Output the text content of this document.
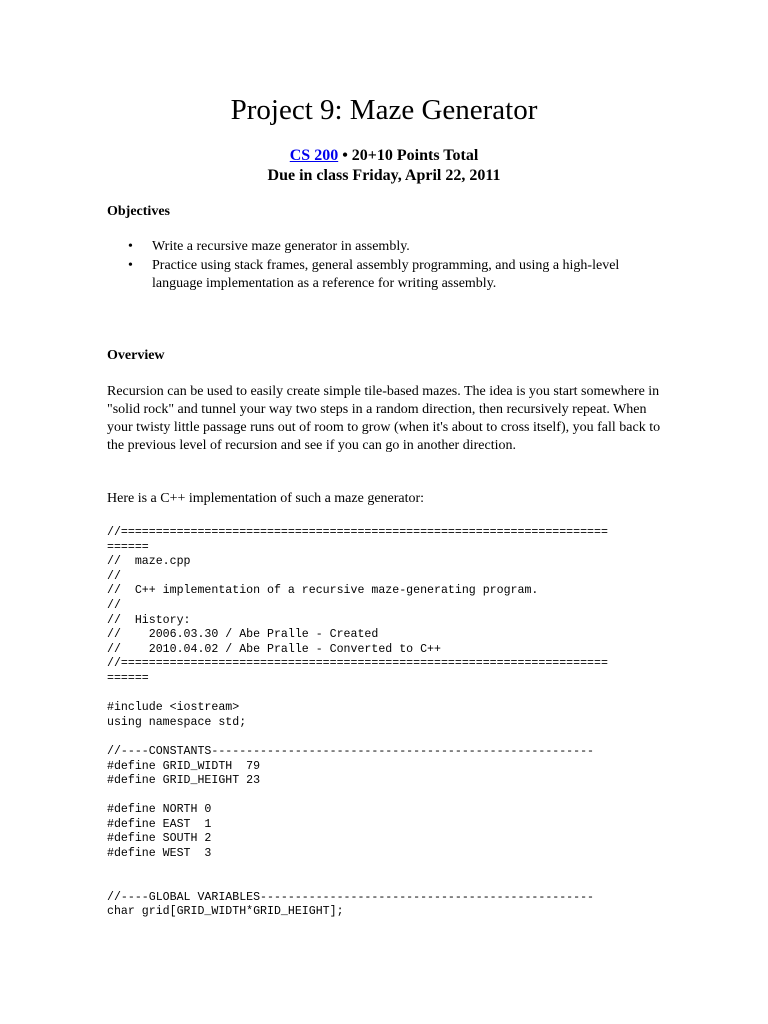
Project 9: Maze Generator
CS 200 • 20+10 Points Total
Due in class Friday, April 22, 2011
Objectives
• Write a recursive maze generator in assembly.
• Practice using stack frames, general assembly programming, and using a high-level language implementation as a reference for writing assembly.
Overview

Recursion can be used to easily create simple tile-based mazes. The idea is you start somewhere in "solid rock" and tunnel your way two steps in a random direction, then recursively repeat. When your twisty little passage runs out of room to grow (when it's about to cross itself), you fall back to the previous level of recursion and see if you can go in another direction.

Here is a C++ implementation of such a maze generator:

//======================================================================
======
//  maze.cpp
//
//  C++ implementation of a recursive maze-generating program.
//
//  History:
//    2006.03.30 / Abe Pralle - Created
//    2010.04.02 / Abe Pralle - Converted to C++
//======================================================================
======

#include <iostream>
using namespace std;

//----CONSTANTS-------------------------------------------------------
#define GRID_WIDTH  79
#define GRID_HEIGHT 23

#define NORTH 0
#define EAST  1
#define SOUTH 2
#define WEST  3

//----GLOBAL VARIABLES------------------------------------------------
char grid[GRID_WIDTH*GRID_HEIGHT];
